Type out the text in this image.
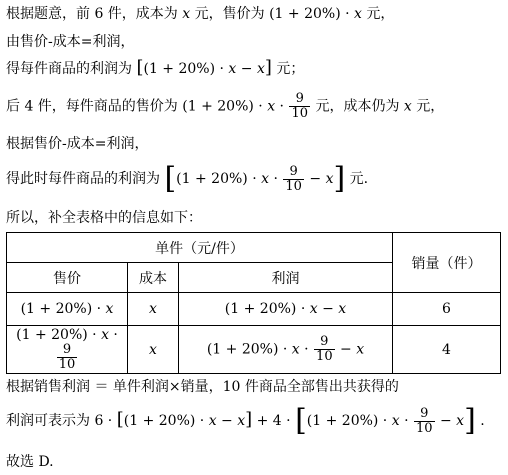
根据题意，前 6 件，成本为 x 元，售价为 (1 + 20%) · x 元，
由售价-成本=利润，
得每件商品的利润为 [(1 + 20%) · x − x] 元；
后 4 件，每件商品的售价为 $(1 + 20\%) \cdot x \cdot \frac{9}{10}$ 元，成本仍为 x 元，
根据售价-成本=利润，
得此时每件商品的利润为 $[(1 + 20\%) \cdot x \cdot \frac{9}{10} - x]$ 元.
所以，补全表格中的信息如下：
单件（元/件）			销量（件）
售价	成本	利润	
(1 + 20%) · x	x	(1 + 20%) · x − x	6
(1 + 20%) · x ·
$\frac{9}{10}$	x	$(1 + 20\%) \cdot x \cdot \frac{9}{10} - x$	4
根据销售利润 ＝ 单件利润×销量，10 件商品全部售出共获得的
利润可表示为 $6 \cdot [(1 + 20\%) \cdot x - x] + 4 \cdot [(1 + 20\%) \cdot x \cdot \frac{9}{10} - x]$ .
故选 D.
